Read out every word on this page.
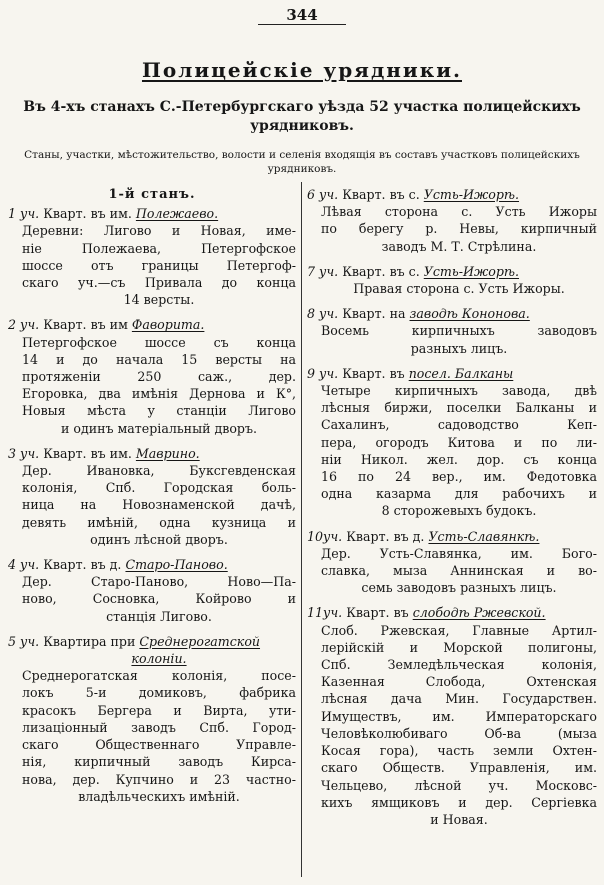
344
Полицейскіе урядники.
Въ 4-хъ станахъ С.-Петербургскаго уѣзда 52 участка полицейскихъ урядниковъ.
Станы, участки, мѣстожительство, волости и селенія входящія въ составъ участковъ полицейскихъ урядниковъ.
1-й станъ.
1 уч. Кварт. въ им. Полежаево.
Деревни: Лигово и Новая, име-
ніе Полежаева, Петергофское
шоссе отъ границы Петергоф-
скаго уч.—съ Привала до конца
14 версты.
2 уч. Кварт. въ им Фаворита.
Петергофское шоссе съ конца
14 и до начала 15 версты на
протяженіи 250 саж., дер.
Егоровка, два имѣнія Дернова и К°,
Новыя мѣста у станціи Лигово
и одинъ матеріальный дворъ.
3 уч. Кварт. въ им. Маврино.
Дер. Ивановка, Буксгевденская
колонія, Спб. Городская боль-
ница на Новознаменской дачѣ,
девять имѣній, одна кузница и
одинъ лѣсной дворъ.
4 уч. Кварт. въ д. Старо-Паново.
Дер. Старо-Паново, Ново—Па-
ново, Сосновка, Койрово и
станція Лигово.
5 уч. Квартира при Среднерогатской
колоніи.
Среднерогатская колонія, посе-
локъ 5-и домиковъ, фабрика
красокъ Бергера и Вирта, ути-
лизаціонный заводъ Спб. Город-
скаго Общественнаго Управле-
нія, кирпичный заводъ Кирса-
нова, дер. Купчино и 23 частно-
владѣльческихъ имѣній.
6 уч. Кварт. въ с. Усть-Ижорѣ.
Лѣвая сторона с. Усть Ижоры
по берегу р. Невы, кирпичный
заводъ М. Т. Стрѣлина.
7 уч. Кварт. въ с. Усть-Ижорѣ.
Правая сторона с. Усть Ижоры.
8 уч. Кварт. на заводѣ Кононова.
Восемь кирпичныхъ заводовъ
разныхъ лицъ.
9 уч. Кварт. въ посел. Балканы
Четыре кирпичныхъ завода, двѣ
лѣсныя биржи, поселки Балканы и
Сахалинъ, садоводство Кеп-
пера, огородъ Китова и по ли-
ніи Никол. жел. дор. съ конца
16 по 24 вер., им. Федотовка
одна казарма для рабочихъ и
8 сторожевыхъ будокъ.
10уч. Кварт. въ д. Усть-Славянкѣ.
Дер. Усть-Славянка, им. Бого-
славка, мыза Аннинская и во-
семь заводовъ разныхъ лицъ.
11уч. Кварт. въ слободѣ Ржевской.
Слоб. Ржевская, Главные Артил-
лерійскій и Морской полигоны,
Спб. Земледѣльческая колонія,
Казенная Слобода, Охтенская
лѣсная дача Мин. Государствен.
Имуществъ, им. Императорскаго
Человѣколюбиваго Об-ва (мыза
Косая гора), часть земли Охтен-
скаго Обществ. Управленія, им.
Чельцево, лѣсной уч. Московс-
кихъ ямщиковъ и дер. Сергіевка
и Новая.
